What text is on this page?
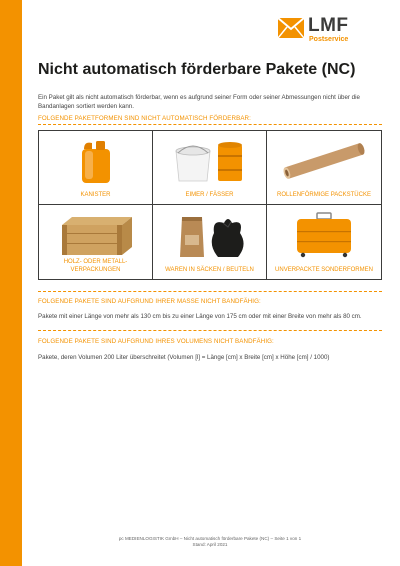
LMF
Postservice
Nicht automatisch förderbare Pakete (NC)
Ein Paket gilt als nicht automatisch förderbar, wenn es aufgrund seiner Form oder seiner Abmessungen nicht über die Bandanlagen sortiert werden kann.
FOLGENDE PAKETFORMEN SIND NICHT AUTOMATISCH FÖRDERBAR:
KANISTER	EIMER / FÄSSER	ROLLENFÖRMIGE PACKSTÜCKE
HOLZ- ODER METALL-
VERPACKUNGEN	WAREN IN SÄCKEN / BEUTELN	UNVERPACKTE SONDERFORMEN
FOLGENDE PAKETE SIND AUFGRUND IHRER MASSE NICHT BANDFÄHIG:
Pakete mit einer Länge von mehr als 130 cm bis zu einer Länge von 175 cm oder mit einer Breite von mehr als 80 cm.
FOLGENDE PAKETE SIND AUFGRUND IHRES VOLUMENS NICHT BANDFÄHIG:
Pakete, deren Volumen 200 Liter überschreitet (Volumen [l] = Länge [cm] x Breite [cm] x Höhe [cm] / 1000)
pc MEDIENLOGISTIK GmbH – Nicht automatisch förderbare Pakete (NC) – Seite 1 von 1
Stand: April 2021
